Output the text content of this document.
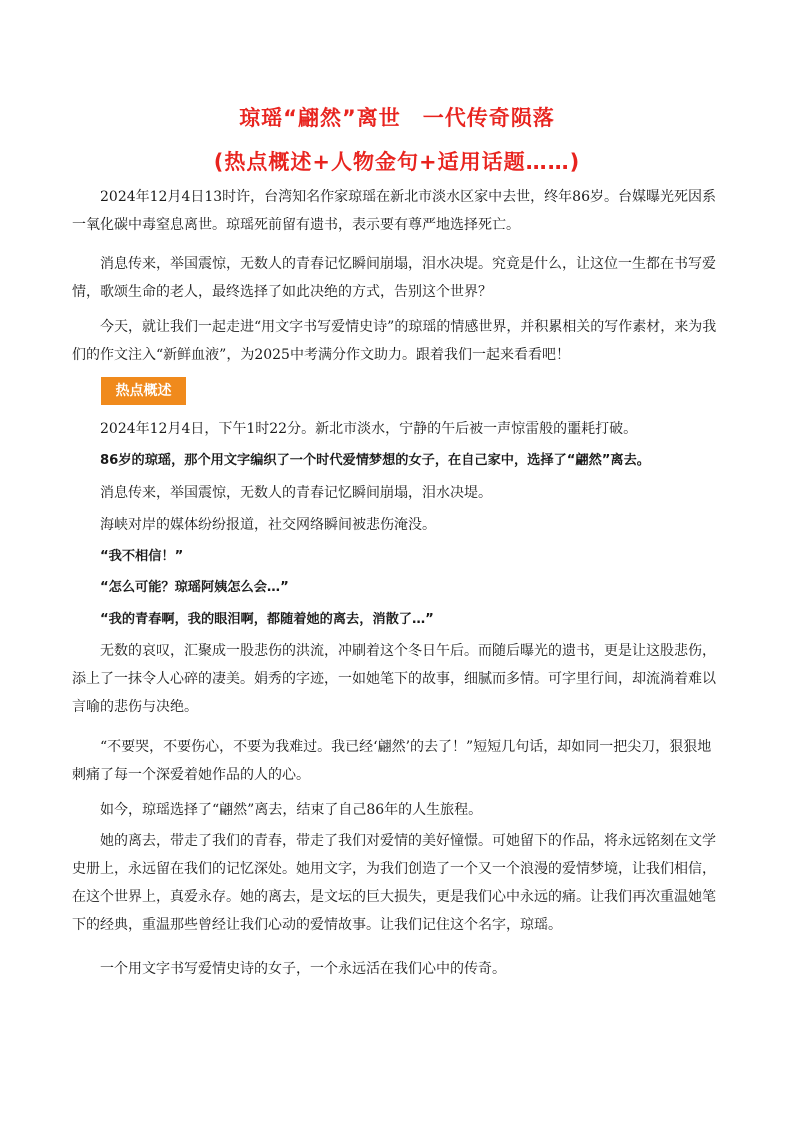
琼瑶“翩然”离世　一代传奇陨落
(热点概述+人物金句+适用话题……)

2024年12月4日13时许，台湾知名作家琼瑶在新北市淡水区家中去世，终年86岁。台媒曝光死因系一氧化碳中毒窒息离世。琼瑶死前留有遗书，表示要有尊严地选择死亡。

消息传来，举国震惊，无数人的青春记忆瞬间崩塌，泪水决堤。究竟是什么，让这位一生都在书写爱情，歌颂生命的老人，最终选择了如此决绝的方式，告别这个世界？

今天，就让我们一起走进“用文字书写爱情史诗”的琼瑶的情感世界，并积累相关的写作素材，来为我们的作文注入“新鲜血液”，为2025中考满分作文助力。跟着我们一起来看看吧！

热点概述

2024年12月4日，下午1时22分。新北市淡水，宁静的午后被一声惊雷般的噩耗打破。

86岁的琼瑶，那个用文字编织了一个时代爱情梦想的女子，在自己家中，选择了“翩然”离去。

消息传来，举国震惊，无数人的青春记忆瞬间崩塌，泪水决堤。

海峡对岸的媒体纷纷报道，社交网络瞬间被悲伤淹没。

“我不相信！”

“怎么可能？琼瑶阿姨怎么会…”

“我的青春啊，我的眼泪啊，都随着她的离去，消散了…”

无数的哀叹，汇聚成一股悲伤的洪流，冲刷着这个冬日午后。而随后曝光的遗书，更是让这股悲伤，添上了一抹令人心碎的凄美。娟秀的字迹，一如她笔下的故事，细腻而多情。可字里行间，却流淌着难以言喻的悲伤与决绝。

“不要哭，不要伤心，不要为我难过。我已经‘翩然’的去了！”短短几句话，却如同一把尖刀，狠狠地刺痛了每一个深爱着她作品的人的心。

如今，琼瑶选择了“翩然”离去，结束了自己86年的人生旅程。

她的离去，带走了我们的青春，带走了我们对爱情的美好憧憬。可她留下的作品，将永远铭刻在文学史册上，永远留在我们的记忆深处。她用文字，为我们创造了一个又一个浪漫的爱情梦境，让我们相信，在这个世界上，真爱永存。她的离去，是文坛的巨大损失，更是我们心中永远的痛。让我们再次重温她笔下的经典，重温那些曾经让我们心动的爱情故事。让我们记住这个名字，琼瑶。

一个用文字书写爱情史诗的女子，一个永远活在我们心中的传奇。
